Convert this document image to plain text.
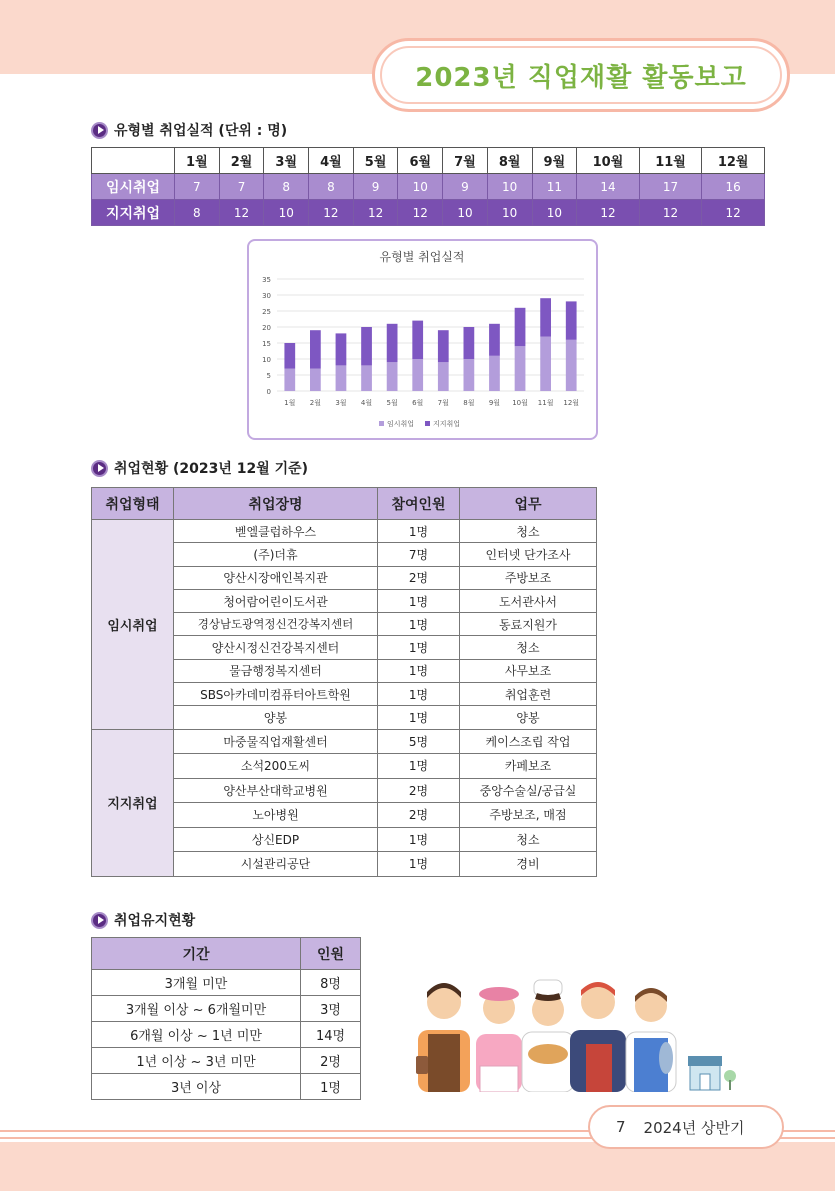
2023년 직업재활 활동보고
유형별 취업실적 (단위 : 명)
	1월	2월	3월	4월	5월	6월	7월	8월	9월	10월	11월	12월
임시취업	7	7	8	8	9	10	9	10	11	14	17	16
지지취업	8	12	10	12	12	12	10	10	10	12	12	12
유형별 취업실적
1월 2월 3월 4월 5월 6월 7월 8월 9월 10월 11월 12월
0
5
10
15
20
25
30
35
임시취업	지지취업
취업현황 (2023년 12월 기준)
취업형태	취업장명	참여인원	업무
임시취업	벧엘클럽하우스	1명	청소
	(주)더휴	7명	인터넷 단가조사
	양산시장애인복지관	2명	주방보조
	청어람어린이도서관	1명	도서관사서
	경상남도광역정신건강복지센터	1명	동료지원가
	양산시정신건강복지센터	1명	청소
	물금행정복지센터	1명	사무보조
	SBS아카데미컴퓨터아트학원	1명	취업훈련
	양봉	1명	양봉
지지취업	마중물직업재활센터	5명	케이스조립 작업
	소석200도씨	1명	카페보조
	양산부산대학교병원	2명	중앙수술실/공급실
	노아병원	2명	주방보조, 매점
	상신EDP	1명	청소
	시설관리공단	1명	경비
취업유지현황
기간	인원
3개월 미만	8명
3개월 이상 ~ 6개월미만	3명
6개월 이상 ~ 1년 미만	14명
1년 이상 ~ 3년 미만	2명
3년 이상	1명
7 2024년 상반기
